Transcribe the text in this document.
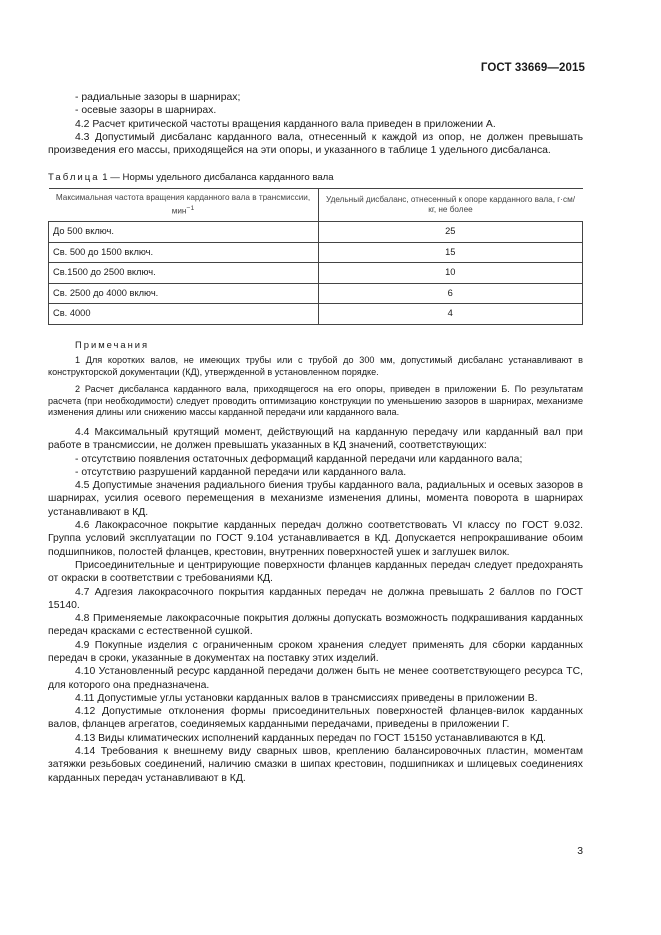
ГОСТ 33669—2015

- радиальные зазоры в шарнирах;

- осевые зазоры в шарнирах.

4.2 Расчет критической частоты вращения карданного вала приведен в приложении А.

4.3 Допустимый дисбаланс карданного вала, отнесенный к каждой из опор, не должен превышать произведения его массы, приходящейся на эти опоры, и указанного в таблице 1 удельного дисбаланса.

Таблица 1 — Нормы удельного дисбаланса карданного вала
Максимальная частота вращения карданного вала в трансмиссии, мин$^{-1}$	Удельный дисбаланс, отнесенный к опоре карданного вала, г·см/кг, не более
До 500 включ.	25
Св. 500 до 1500 включ.	15
Св.1500 до 2500 включ.	10
Св. 2500 до 4000 включ.	6
Св. 4000	4
Примечания

1 Для коротких валов, не имеющих трубы или с трубой до 300 мм, допустимый дисбаланс устанавливают в конструкторской документации (КД), утвержденной в установленном порядке.

2 Расчет дисбаланса карданного вала, приходящегося на его опоры, приведен в приложении Б. По результатам расчета (при необходимости) следует проводить оптимизацию конструкции по уменьшению зазоров в шарнирах, механизме изменения длины или снижению массы карданной передачи или карданного вала.

4.4 Максимальный крутящий момент, действующий на карданную передачу или карданный вал при работе в трансмиссии, не должен превышать указанных в КД значений, соответствующих:

- отсутствию появления остаточных деформаций карданной передачи или карданного вала;

- отсутствию разрушений карданной передачи или карданного вала.

4.5 Допустимые значения радиального биения трубы карданного вала, радиальных и осевых зазоров в шарнирах, усилия осевого перемещения в механизме изменения длины, момента поворота в шарнирах устанавливают в КД.

4.6 Лакокрасочное покрытие карданных передач должно соответствовать VI классу по ГОСТ 9.032. Группа условий эксплуатации по ГОСТ 9.104 устанавливается в КД. Допускается непрокрашивание обоим подшипников, полостей фланцев, крестовин, внутренних поверхностей ушек и заглушек вилок.

Присоединительные и центрирующие поверхности фланцев карданных передач следует предохранять от окраски в соответствии с требованиями КД.

4.7 Адгезия лакокрасочного покрытия карданных передач не должна превышать 2 баллов по ГОСТ 15140.

4.8 Применяемые лакокрасочные покрытия должны допускать возможность подкрашивания карданных передач красками с естественной сушкой.

4.9 Покупные изделия с ограниченным сроком хранения следует применять для сборки карданных передач в сроки, указанные в документах на поставку этих изделий.

4.10 Установленный ресурс карданной передачи должен быть не менее соответствующего ресурса ТС, для которого она предназначена.

4.11 Допустимые углы установки карданных валов в трансмиссиях приведены в приложении В.

4.12 Допустимые отклонения формы присоединительных поверхностей фланцев-вилок карданных валов, фланцев агрегатов, соединяемых карданными передачами, приведены в приложении Г.

4.13 Виды климатических исполнений карданных передач по ГОСТ 15150 устанавливаются в КД.

4.14 Требования к внешнему виду сварных швов, креплению балансировочных пластин, моментам затяжки резьбовых соединений, наличию смазки в шипах крестовин, подшипниках и шлицевых соединениях карданных передач устанавливают в КД.

3
